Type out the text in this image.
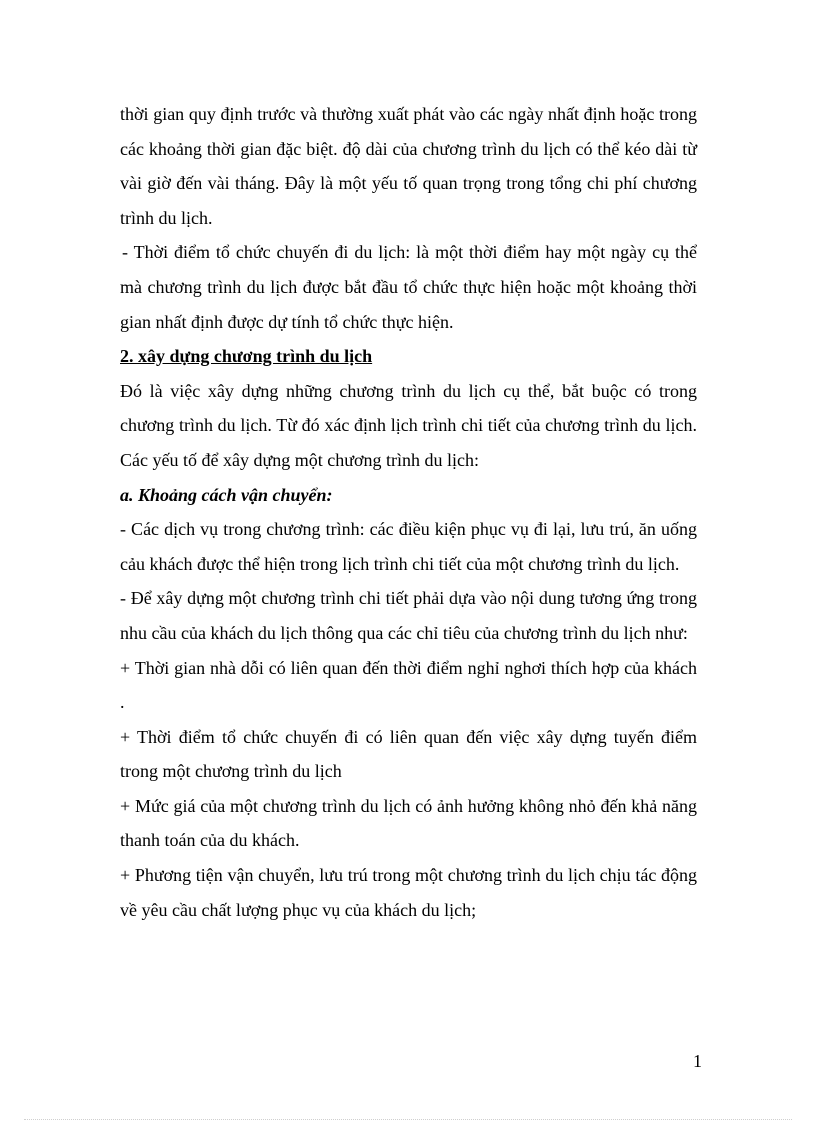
thời gian quy định trước và thường xuất phát vào các ngày nhất định hoặc trong các khoảng thời gian đặc biệt. độ dài của chương trình du lịch có thể kéo dài từ vài giờ đến vài tháng. Đây là một yếu tố quan trọng trong tổng chi phí chương trình du lịch.

- Thời điểm tổ chức chuyến đi du lịch: là một thời điểm hay một ngày cụ thể mà chương trình du lịch được bắt đầu tổ chức thực hiện hoặc một khoảng thời gian nhất định được dự tính tổ chức thực hiện.

2. xây dựng chương trình du lịch

Đó là việc xây dựng những chương trình du lịch cụ thể, bắt buộc có trong chương trình du lịch. Từ đó xác định lịch trình chi tiết của chương trình du lịch. Các yếu tố để xây dựng một chương trình du lịch:

a. Khoảng cách vận chuyển:

- Các dịch vụ trong chương trình: các điều kiện phục vụ đi lại, lưu trú, ăn uống cảu khách được thể hiện trong lịch trình chi tiết của một chương trình du lịch.

- Để xây dựng một chương trình chi tiết phải dựa vào nội dung tương ứng trong nhu cầu của khách du lịch thông qua các chỉ tiêu của chương trình du lịch như:

+ Thời gian nhà dỗi có liên quan đến thời điểm nghỉ nghơi thích hợp của khách .

+ Thời điểm tổ chức chuyến đi có liên quan đến việc xây dựng tuyến điểm trong một chương trình du lịch

+ Mức giá của một chương trình du lịch có ảnh hưởng không nhỏ đến khả năng thanh toán của du khách.

+ Phương tiện vận chuyển, lưu trú trong một chương trình du lịch chịu tác động về yêu cầu chất lượng phục vụ của khách du lịch;

1
